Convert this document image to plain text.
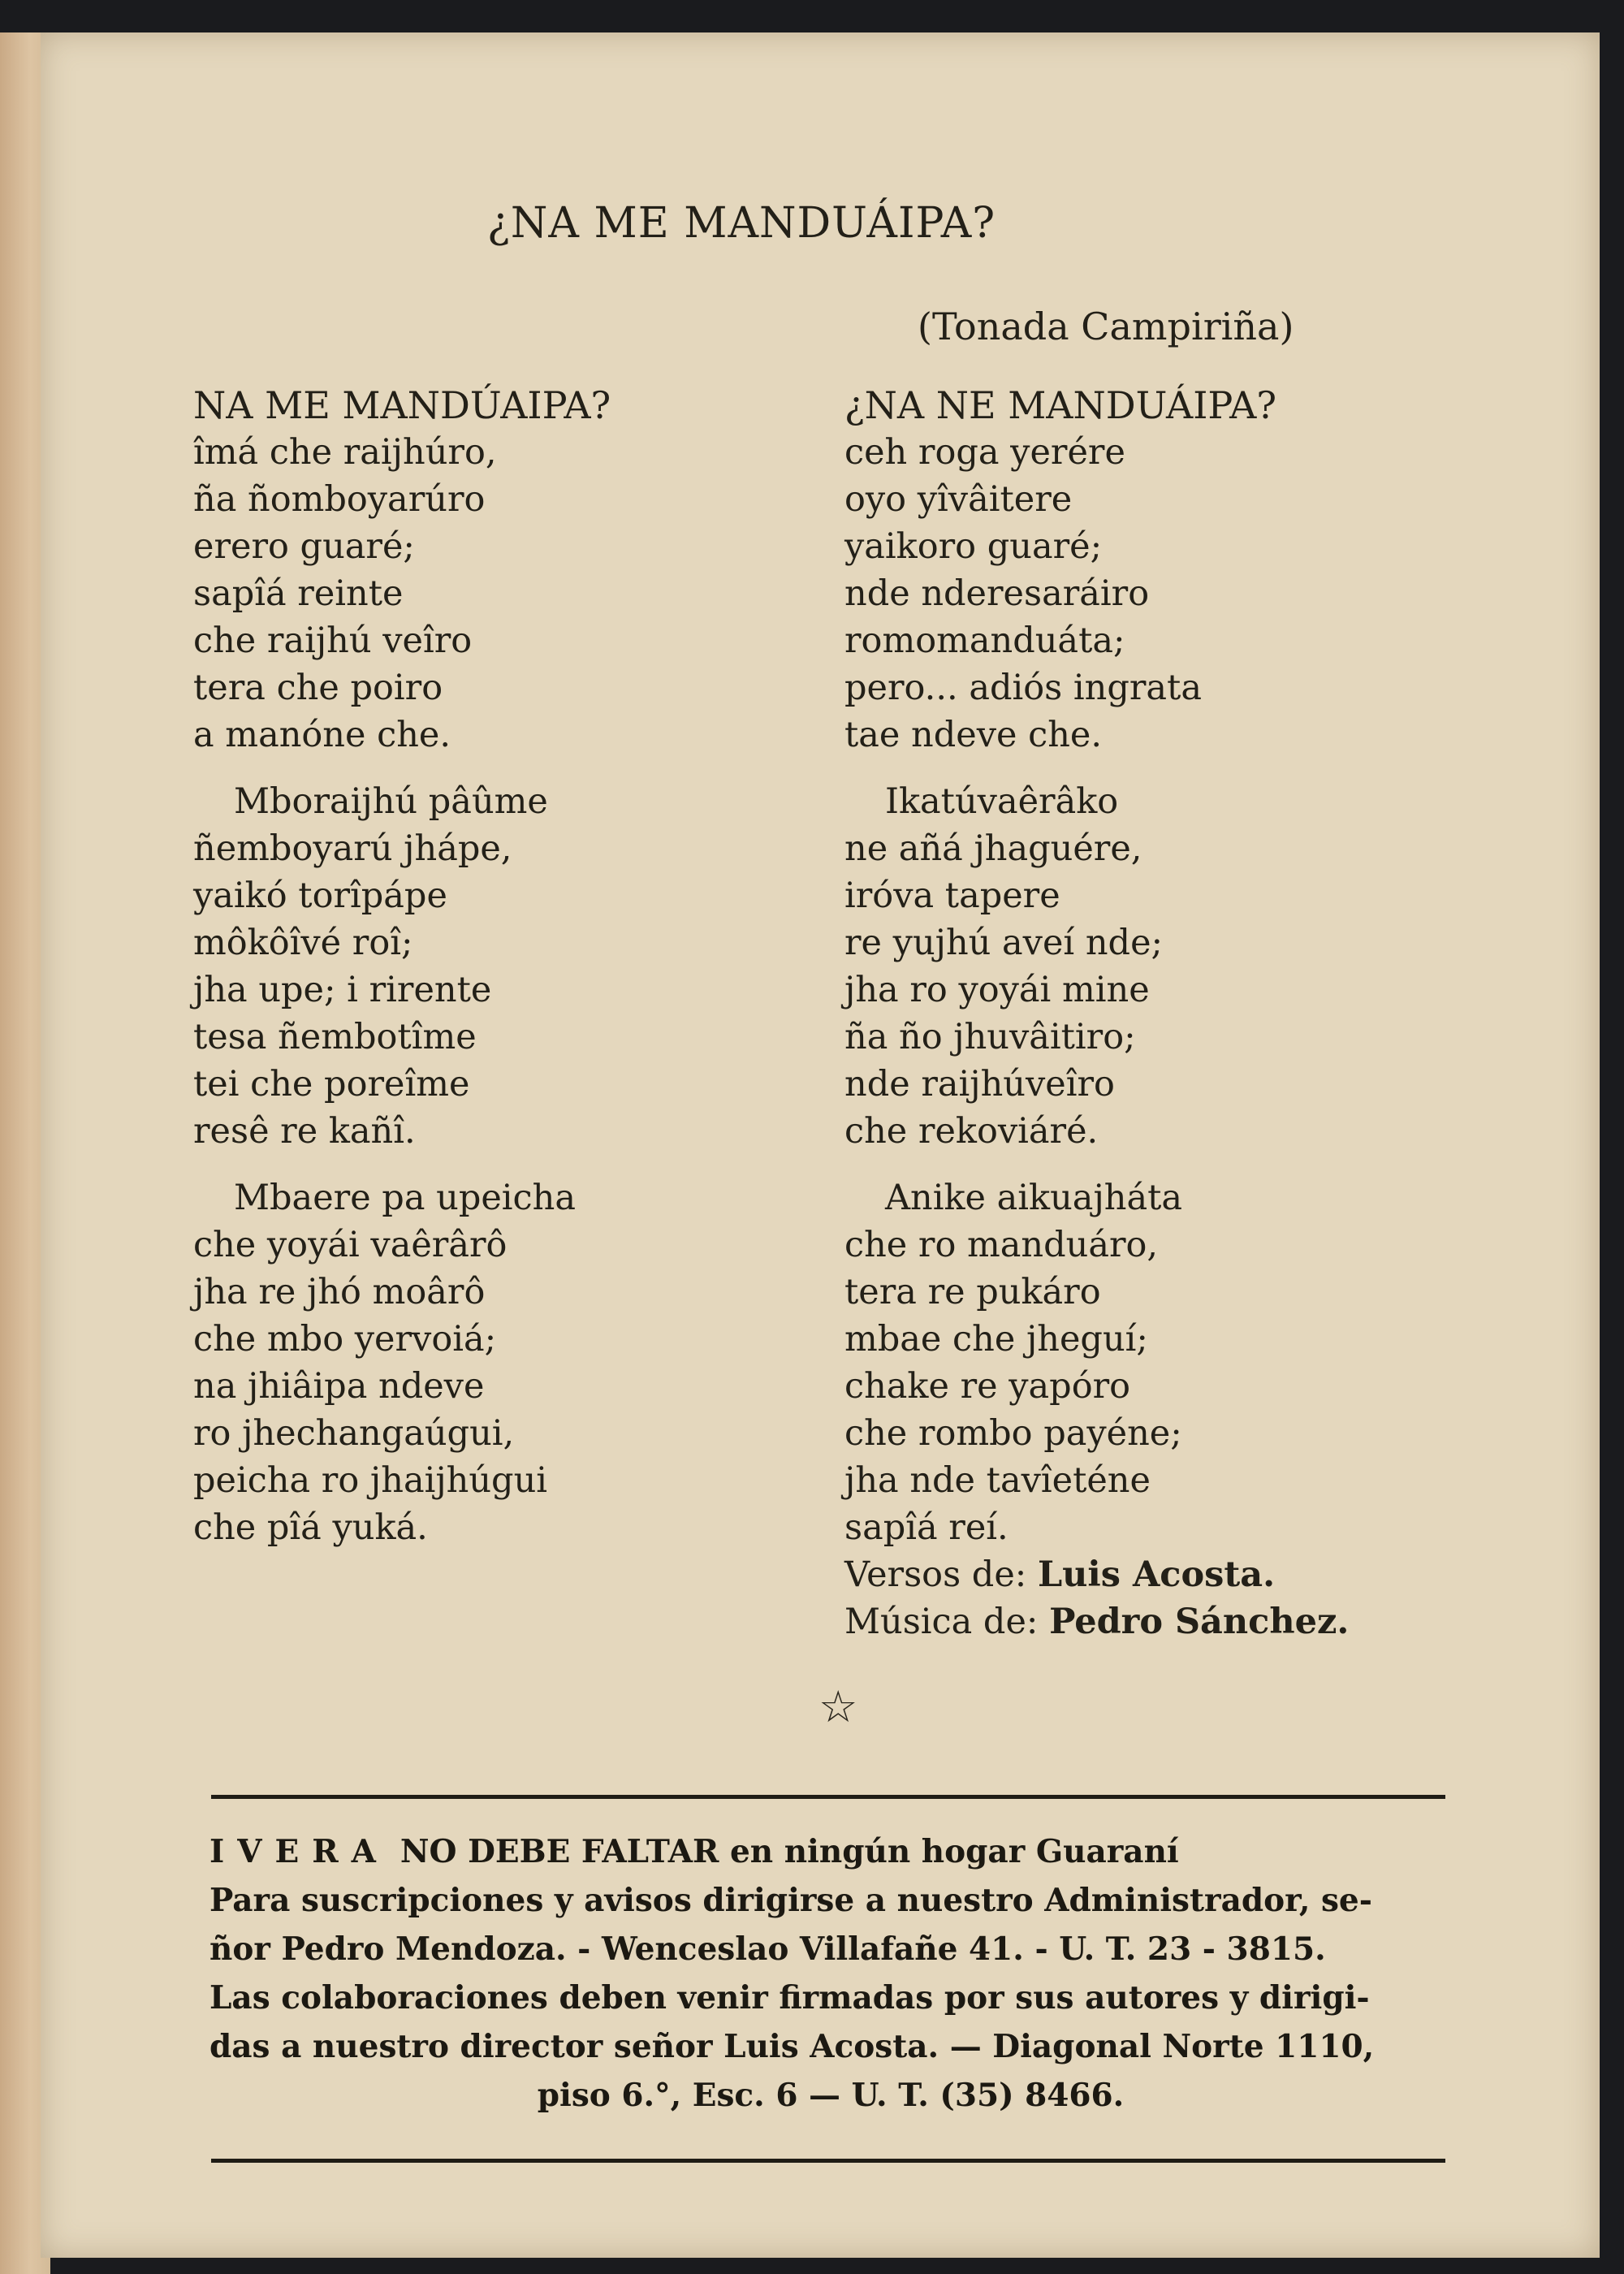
¿NA ME MANDUÁIPA?
(Tonada Campiriña)
NA ME MANDÚAIPA?
îmá che raijhúro,
ña ñomboyarúro
erero guaré;
sapîá reinte
che raijhú veîro
tera che poiro
a manóne che.
Mboraijhú pâûme
ñemboyarú jhápe,
yaikó torîpápe
môkôîvé roî;
jha upe; i rirente
tesa ñembotîme
tei che poreîme
resê re kañî.
Mbaere pa upeicha
che yoyái vaêrârô
jha re jhó moârô
che mbo yervoiá;
na jhiâipa ndeve
ro jhechangaúgui,
peicha ro jhaijhúgui
che pîá yuká.
¿NA NE MANDUÁIPA?
ceh roga yerére
oyo yîvâitere
yaikoro guaré;
nde nderesaráiro
romomanduáta;
pero... adiós ingrata
tae ndeve che.
Ikatúvaêrâko
ne añá jhaguére,
iróva tapere
re yujhú aveí nde;
jha ro yoyái mine
ña ño jhuvâitiro;
nde raijhúveîro
che rekoviáré.
Anike aikuajháta
che ro manduáro,
tera re pukáro
mbae che jheguí;
chake re yapóro
che rombo payéne;
jha nde tavîeténe
sapîá reí.
Versos de: Luis Acosta.
Música de: Pedro Sánchez.
☆
IVERA NO DEBE FALTAR en ningún hogar Guaraní
Para suscripciones y avisos dirigirse a nuestro Administrador, se-
ñor Pedro Mendoza. - Wenceslao Villafañe 41. - U. T. 23 - 3815.
Las colaboraciones deben venir firmadas por sus autores y dirigi-
das a nuestro director señor Luis Acosta. — Diagonal Norte 1110,
piso 6.°, Esc. 6 — U. T. (35) 8466.
